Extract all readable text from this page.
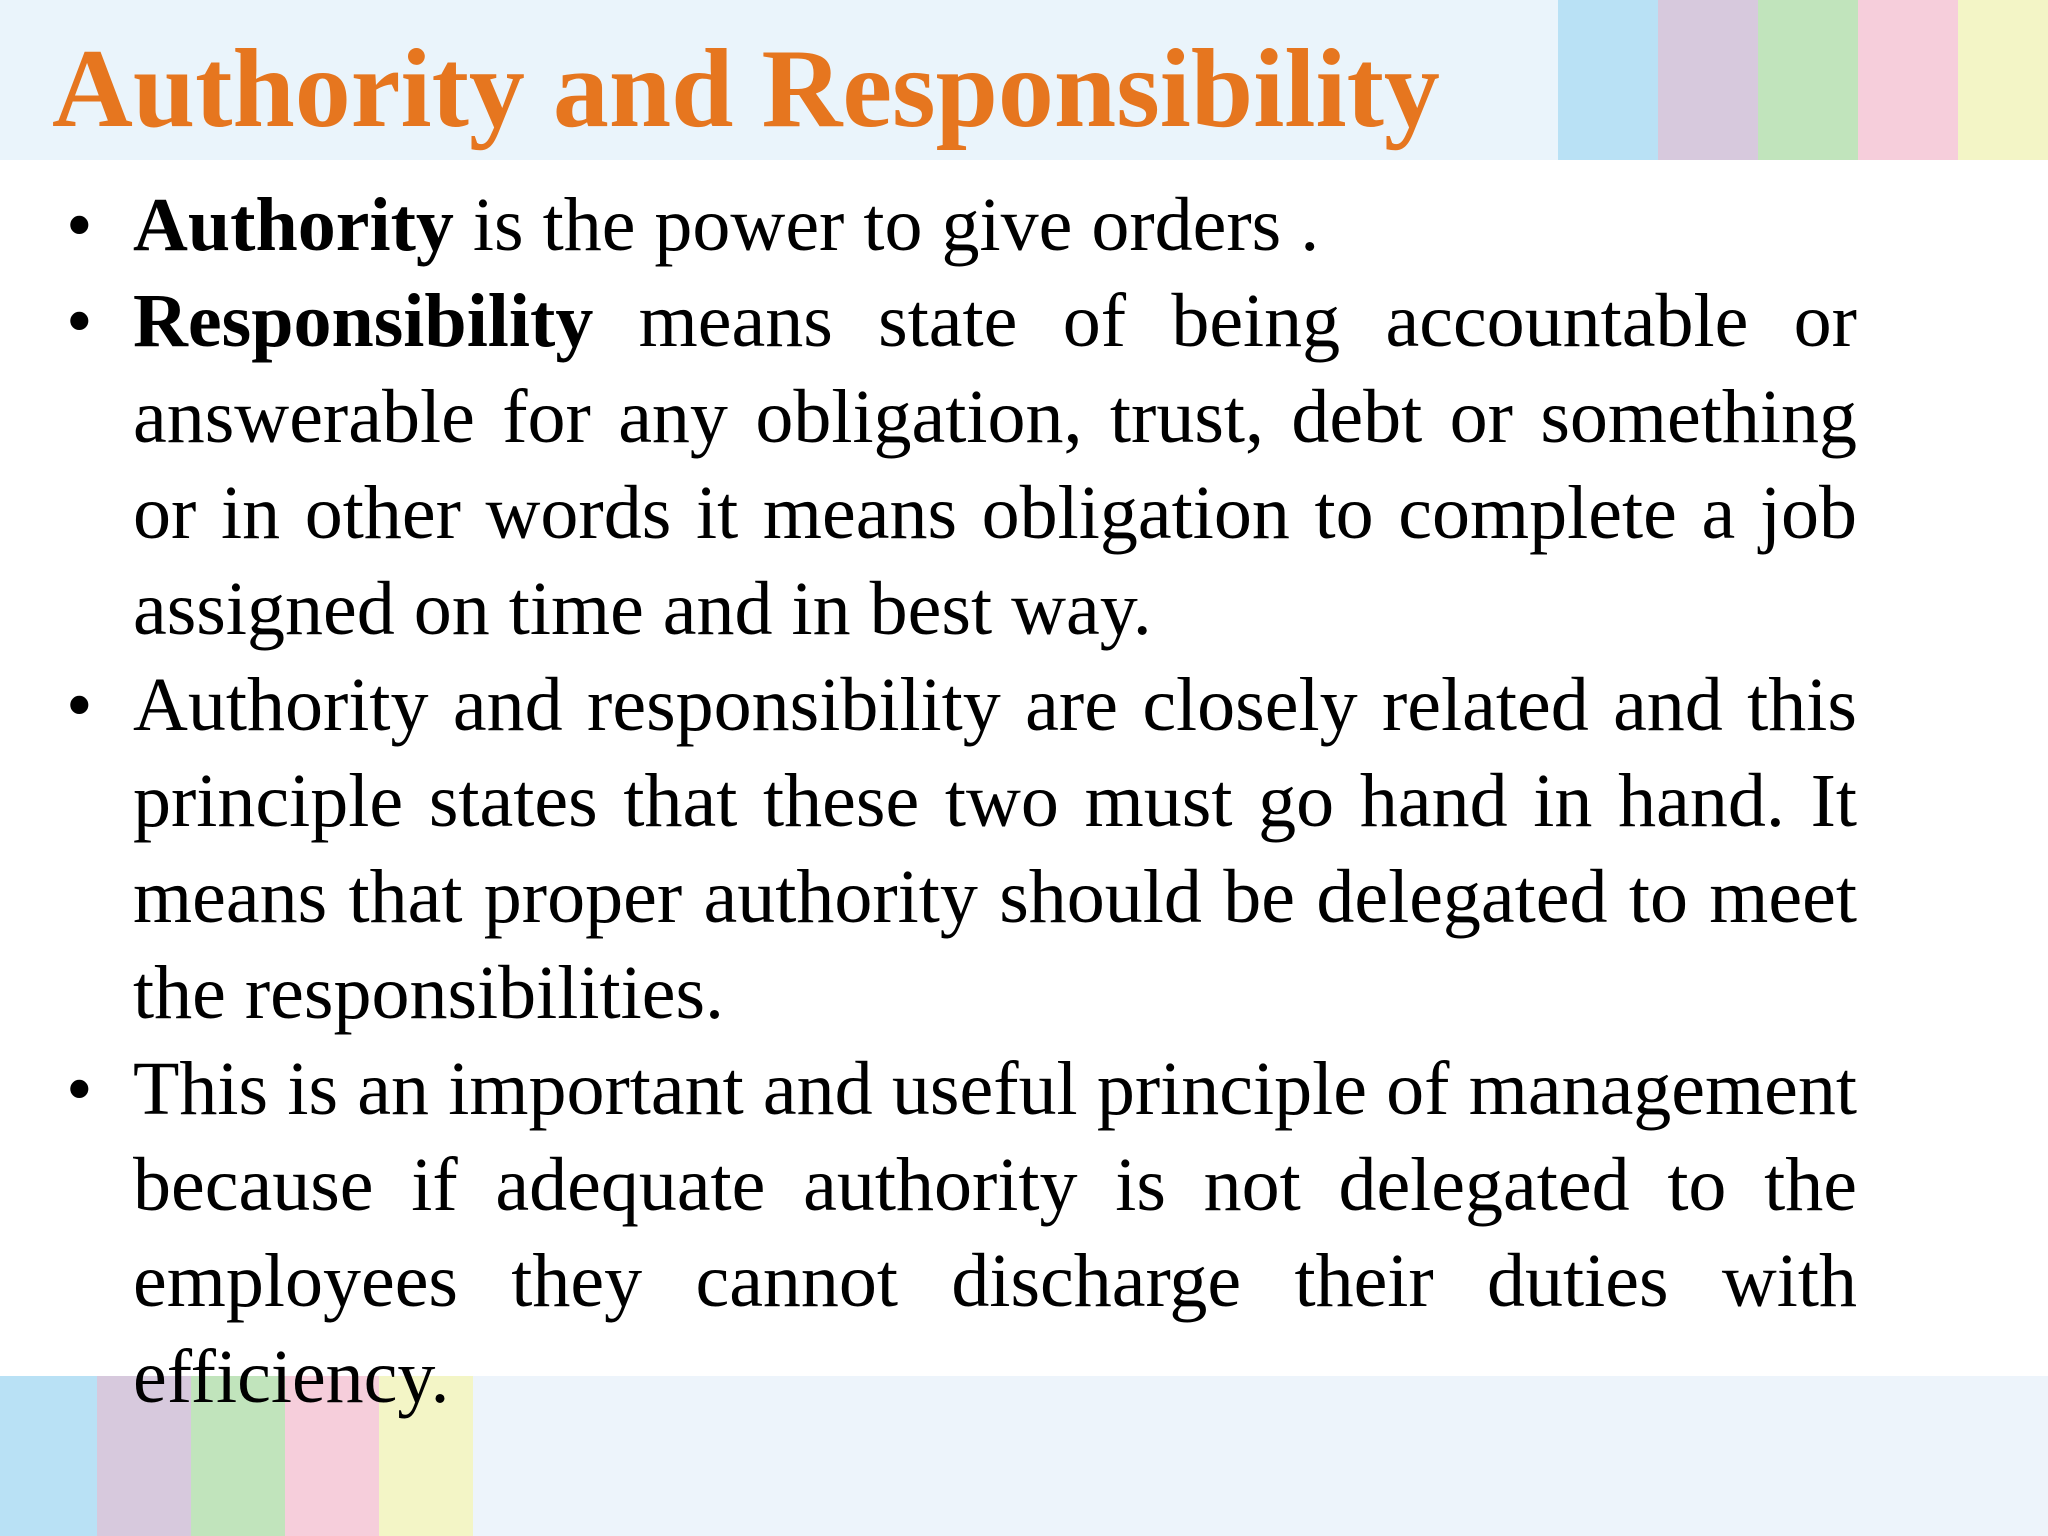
Authority and Responsibility

• Authority is the power to give orders .

• Responsibility means state of being accountable or answerable for any obligation, trust, debt or something or in other words it means obligation to complete a job assigned on time and in best way.

• Authority and responsibility are closely related and this principle states that these two must go hand in hand. It means that proper authority should be delegated to meet the responsibilities.

• This is an important and useful principle of management because if adequate authority is not delegated to the employees they cannot discharge their duties with efficiency.
